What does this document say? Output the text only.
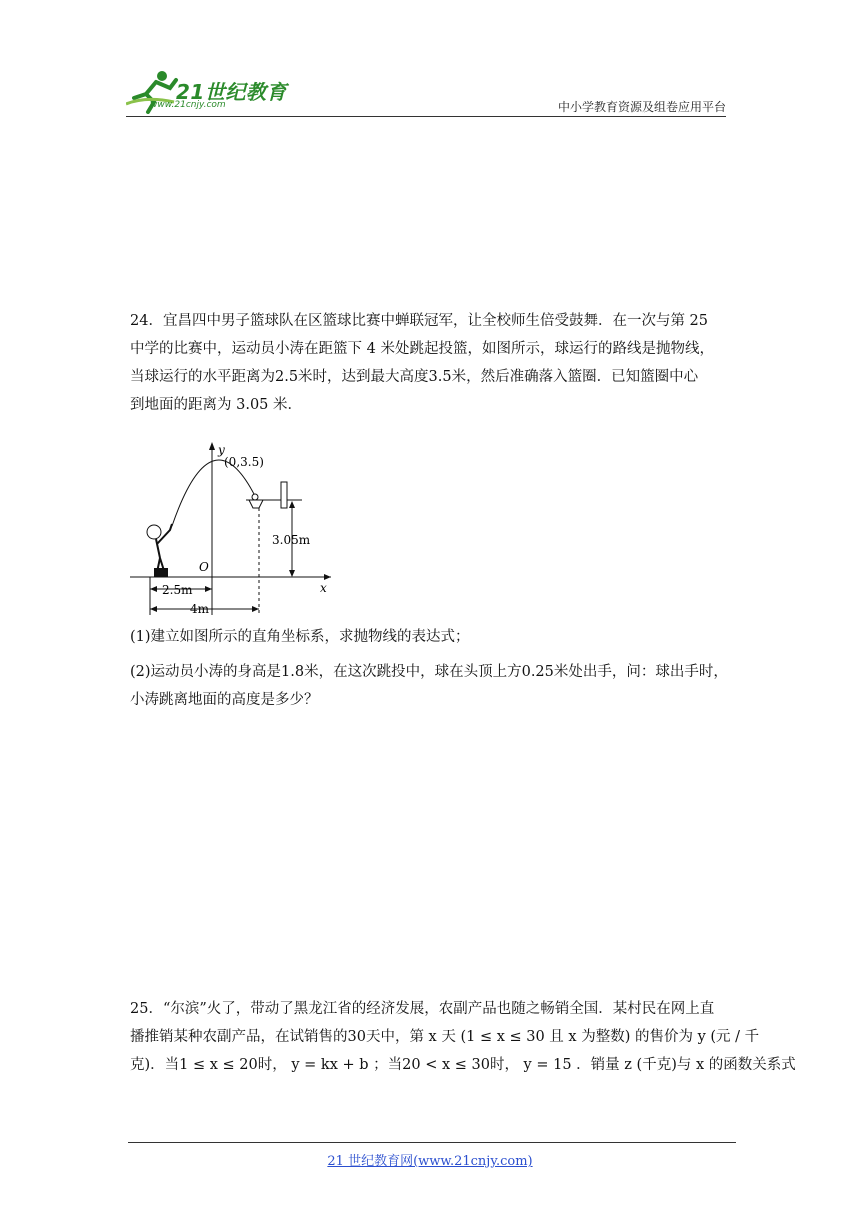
21世纪教育
www.21cnjy.com	中小学教育资源及组卷应用平台
24．宜昌四中男子篮球队在区篮球比赛中蝉联冠军，让全校师生倍受鼓舞．在一次与第 25
中学的比赛中，运动员小涛在距篮下 4 米处跳起投篮，如图所示，球运行的路线是抛物线，
当球运行的水平距离为2.5米时，达到最大高度3.5米，然后准确落入篮圈．已知篮圈中心
到地面的距离为 3.05 米．
y
x
O
(0,3.5)
3.05m
2.5m
4m
(1)建立如图所示的直角坐标系，求抛物线的表达式；
(2)运动员小涛的身高是1.8米，在这次跳投中，球在头顶上方0.25米处出手，问：球出手时，
小涛跳离地面的高度是多少？
25．“尔滨”火了，带动了黑龙江省的经济发展，农副产品也随之畅销全国．某村民在网上直
播推销某种农副产品，在试销售的30天中，第 x 天 (1 ≤ x ≤ 30 且 x 为整数) 的售价为 y (元 / 千
克)．当1 ≤ x ≤ 20时， y = kx + b ；当20 < x ≤ 30时， y = 15 ．销量 z (千克)与 x 的函数关系式
21 世纪教育网(www.21cnjy.com)
